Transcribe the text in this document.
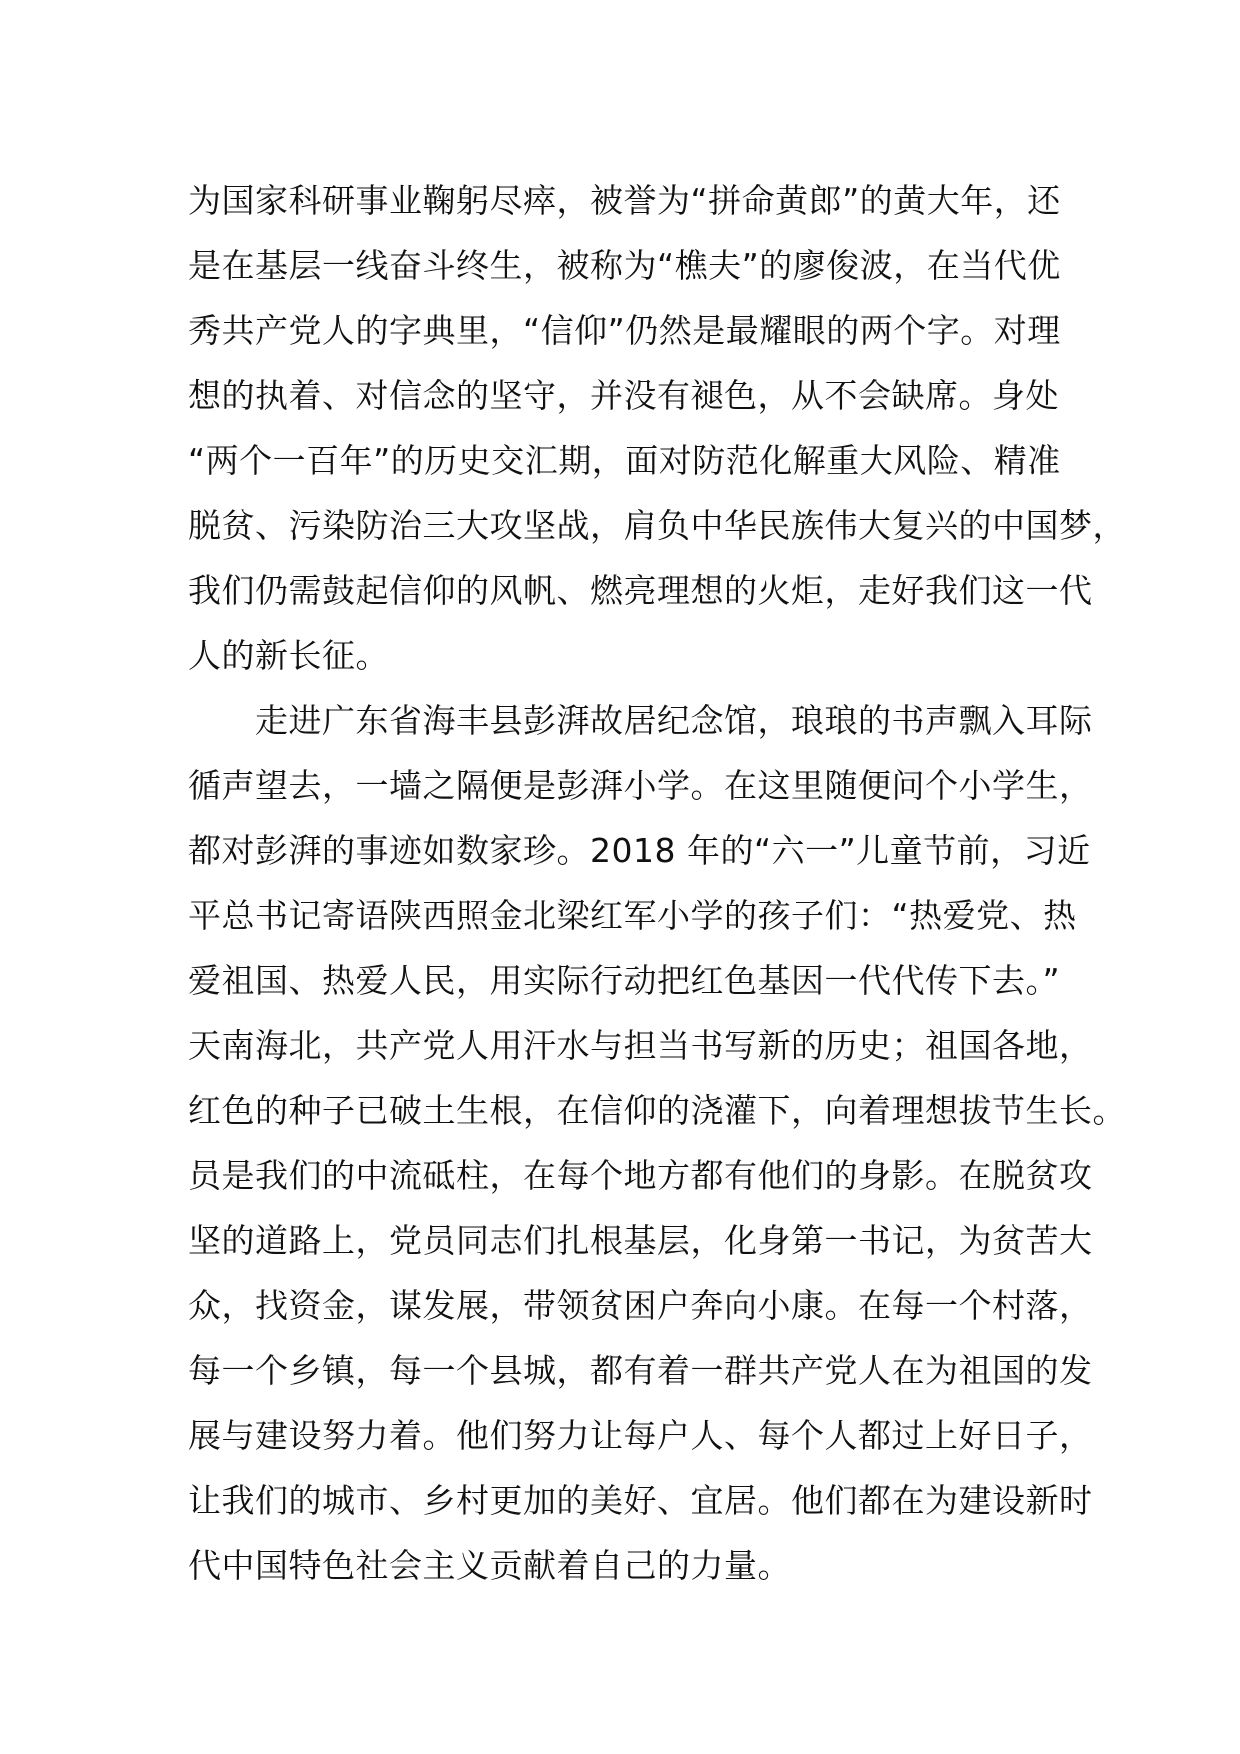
为国家科研事业鞠躬尽瘁，被誉为“拼命黄郎”的黄大年，还
是在基层一线奋斗终生，被称为“樵夫”的廖俊波，在当代优
秀共产党人的字典里，“信仰”仍然是最耀眼的两个字。对理
想的执着、对信念的坚守，并没有褪色，从不会缺席。身处
“两个一百年”的历史交汇期，面对防范化解重大风险、精准
脱贫、污染防治三大攻坚战，肩负中华民族伟大复兴的中国梦，
我们仍需鼓起信仰的风帆、燃亮理想的火炬，走好我们这一代
人的新长征。
　　走进广东省海丰县彭湃故居纪念馆，琅琅的书声飘入耳际
循声望去，一墙之隔便是彭湃小学。在这里随便问个小学生，
都对彭湃的事迹如数家珍。2018 年的“六一”儿童节前，习近
平总书记寄语陕西照金北梁红军小学的孩子们：“热爱党、热
爱祖国、热爱人民，用实际行动把红色基因一代代传下去。”
天南海北，共产党人用汗水与担当书写新的历史；祖国各地，
红色的种子已破土生根，在信仰的浇灌下，向着理想拔节生长。
员是我们的中流砥柱，在每个地方都有他们的身影。在脱贫攻
坚的道路上，党员同志们扎根基层，化身第一书记，为贫苦大
众，找资金，谋发展，带领贫困户奔向小康。在每一个村落，
每一个乡镇，每一个县城，都有着一群共产党人在为祖国的发
展与建设努力着。他们努力让每户人、每个人都过上好日子，
让我们的城市、乡村更加的美好、宜居。他们都在为建设新时
代中国特色社会主义贡献着自己的力量。
